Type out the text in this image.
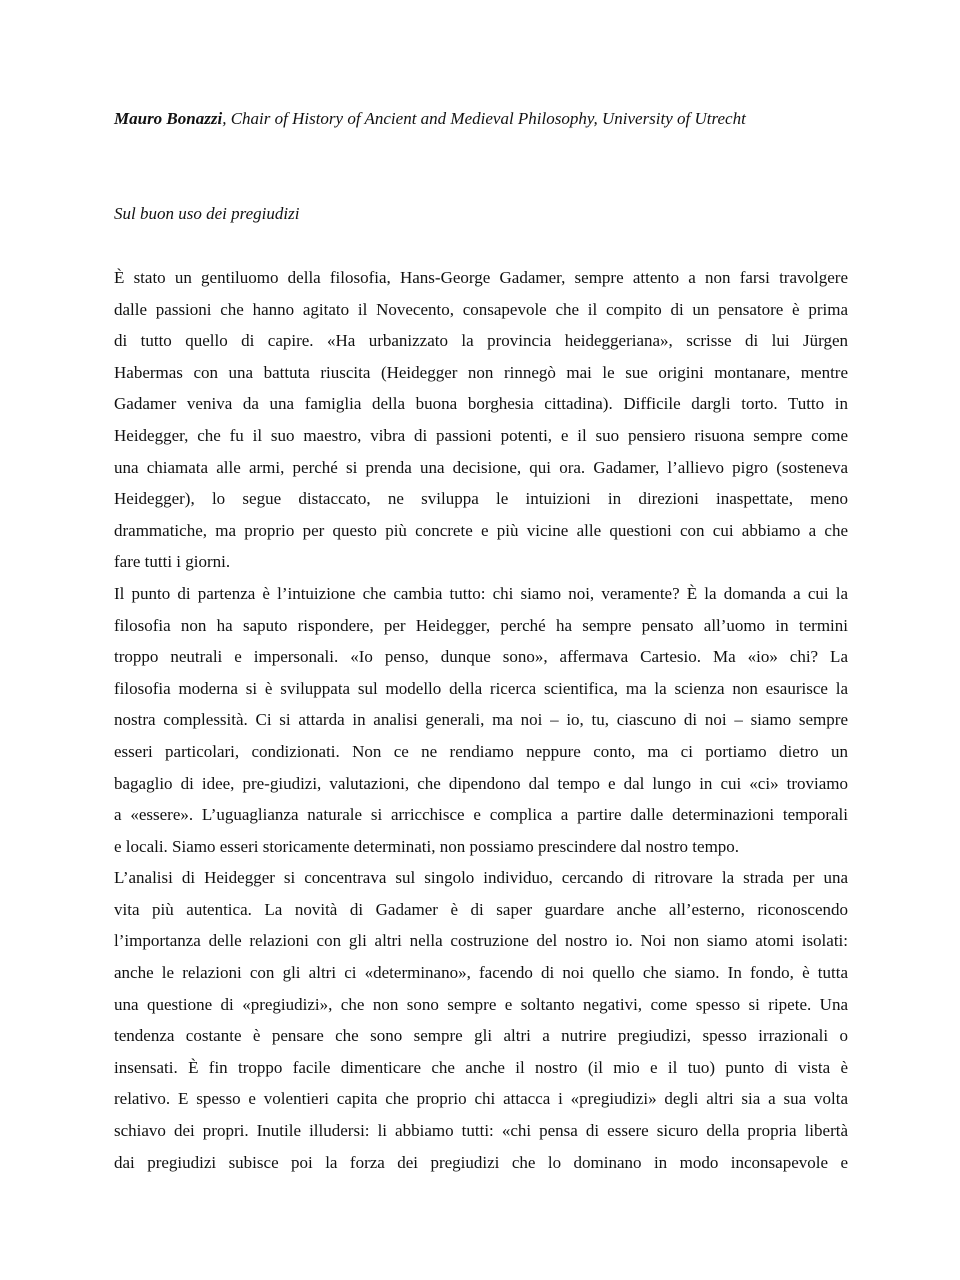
Mauro Bonazzi, Chair of History of Ancient and Medieval Philosophy, University of Utrecht
Sul buon uso dei pregiudizi
È stato un gentiluomo della filosofia, Hans-George Gadamer, sempre attento a non farsi travolgere
dalle passioni che hanno agitato il Novecento, consapevole che il compito di un pensatore è prima
di tutto quello di capire. «Ha urbanizzato la provincia heideggeriana», scrisse di lui Jürgen
Habermas con una battuta riuscita (Heidegger non rinnegò mai le sue origini montanare, mentre
Gadamer veniva da una famiglia della buona borghesia cittadina). Difficile dargli torto. Tutto in
Heidegger, che fu il suo maestro, vibra di passioni potenti, e il suo pensiero risuona sempre come
una chiamata alle armi, perché si prenda una decisione, qui ora. Gadamer, l’allievo pigro (sosteneva
Heidegger), lo segue distaccato, ne sviluppa le intuizioni in direzioni inaspettate, meno
drammatiche, ma proprio per questo più concrete e più vicine alle questioni con cui abbiamo a che
fare tutti i giorni.
Il punto di partenza è l’intuizione che cambia tutto: chi siamo noi, veramente? È la domanda a cui la
filosofia non ha saputo rispondere, per Heidegger, perché ha sempre pensato all’uomo in termini
troppo neutrali e impersonali. «Io penso, dunque sono», affermava Cartesio. Ma «io» chi? La
filosofia moderna si è sviluppata sul modello della ricerca scientifica, ma la scienza non esaurisce la
nostra complessità. Ci si attarda in analisi generali, ma noi – io, tu, ciascuno di noi – siamo sempre
esseri particolari, condizionati. Non ce ne rendiamo neppure conto, ma ci portiamo dietro un
bagaglio di idee, pre-giudizi, valutazioni, che dipendono dal tempo e dal lungo in cui «ci» troviamo
a «essere». L’uguaglianza naturale si arricchisce e complica a partire dalle determinazioni temporali
e locali. Siamo esseri storicamente determinati, non possiamo prescindere dal nostro tempo.
L’analisi di Heidegger si concentrava sul singolo individuo, cercando di ritrovare la strada per una
vita più autentica. La novità di Gadamer è di saper guardare anche all’esterno, riconoscendo
l’importanza delle relazioni con gli altri nella costruzione del nostro io. Noi non siamo atomi isolati:
anche le relazioni con gli altri ci «determinano», facendo di noi quello che siamo. In fondo, è tutta
una questione di «pregiudizi», che non sono sempre e soltanto negativi, come spesso si ripete. Una
tendenza costante è pensare che sono sempre gli altri a nutrire pregiudizi, spesso irrazionali o
insensati. È fin troppo facile dimenticare che anche il nostro (il mio e il tuo) punto di vista è
relativo. E spesso e volentieri capita che proprio chi attacca i «pregiudizi» degli altri sia a sua volta
schiavo dei propri. Inutile illudersi: li abbiamo tutti: «chi pensa di essere sicuro della propria libertà
dai pregiudizi subisce poi la forza dei pregiudizi che lo dominano in modo inconsapevole e
